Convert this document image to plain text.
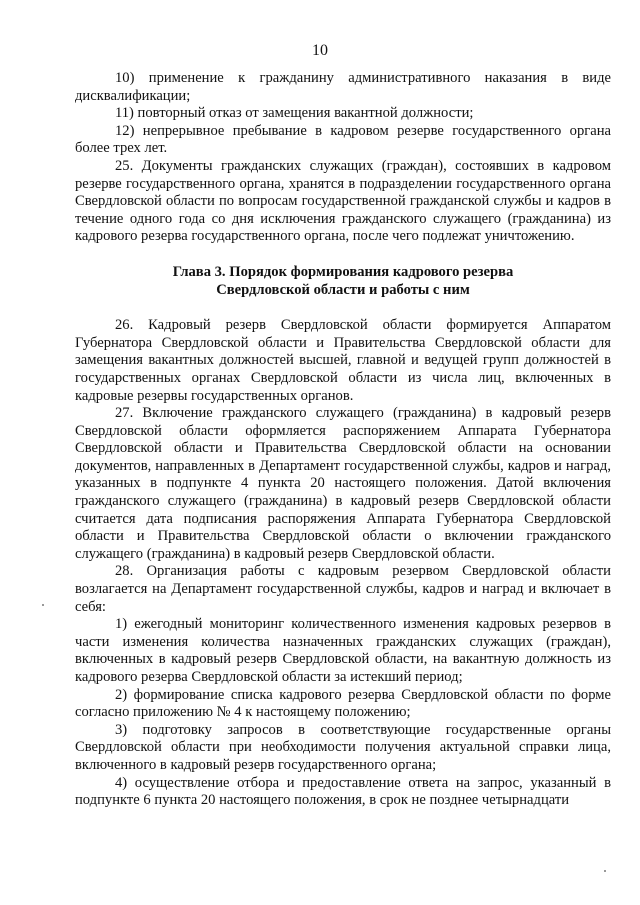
10

10) применение к гражданину административного наказания в виде дисквалификации;

11) повторный отказ от замещения вакантной должности;

12) непрерывное пребывание в кадровом резерве государственного органа более трех лет.

25. Документы гражданских служащих (граждан), состоявших в кадровом резерве государственного органа, хранятся в подразделении государственного органа Свердловской области по вопросам государственной гражданской службы и кадров в течение одного года со дня исключения гражданского служащего (гражданина) из кадрового резерва государственного органа, после чего подлежат уничтожению.

Глава 3. Порядок формирования кадрового резерва
Свердловской области и работы с ним

26. Кадровый резерв Свердловской области формируется Аппаратом Губернатора Свердловской области и Правительства Свердловской области для замещения вакантных должностей высшей, главной и ведущей групп должностей в государственных органах Свердловской области из числа лиц, включенных в кадровые резервы государственных органов.

27. Включение гражданского служащего (гражданина) в кадровый резерв Свердловской области оформляется распоряжением Аппарата Губернатора Свердловской области и Правительства Свердловской области на основании документов, направленных в Департамент государственной службы, кадров и наград, указанных в подпункте 4 пункта 20 настоящего положения. Датой включения гражданского служащего (гражданина) в кадровый резерв Свердловской области считается дата подписания распоряжения Аппарата Губернатора Свердловской области и Правительства Свердловской области о включении гражданского служащего (гражданина) в кадровый резерв Свердловской области.

28. Организация работы с кадровым резервом Свердловской области возлагается на Департамент государственной службы, кадров и наград и включает в себя:

1) ежегодный мониторинг количественного изменения кадровых резервов в части изменения количества назначенных гражданских служащих (граждан), включенных в кадровый резерв Свердловской области, на вакантную должность из кадрового резерва Свердловской области за истекший период;

2) формирование списка кадрового резерва Свердловской области по форме согласно приложению № 4 к настоящему положению;

3) подготовку запросов в соответствующие государственные органы Свердловской области при необходимости получения актуальной справки лица, включенного в кадровый резерв государственного органа;

4) осуществление отбора и предоставление ответа на запрос, указанный в подпункте 6 пункта 20 настоящего положения, в срок не позднее четырнадцати
